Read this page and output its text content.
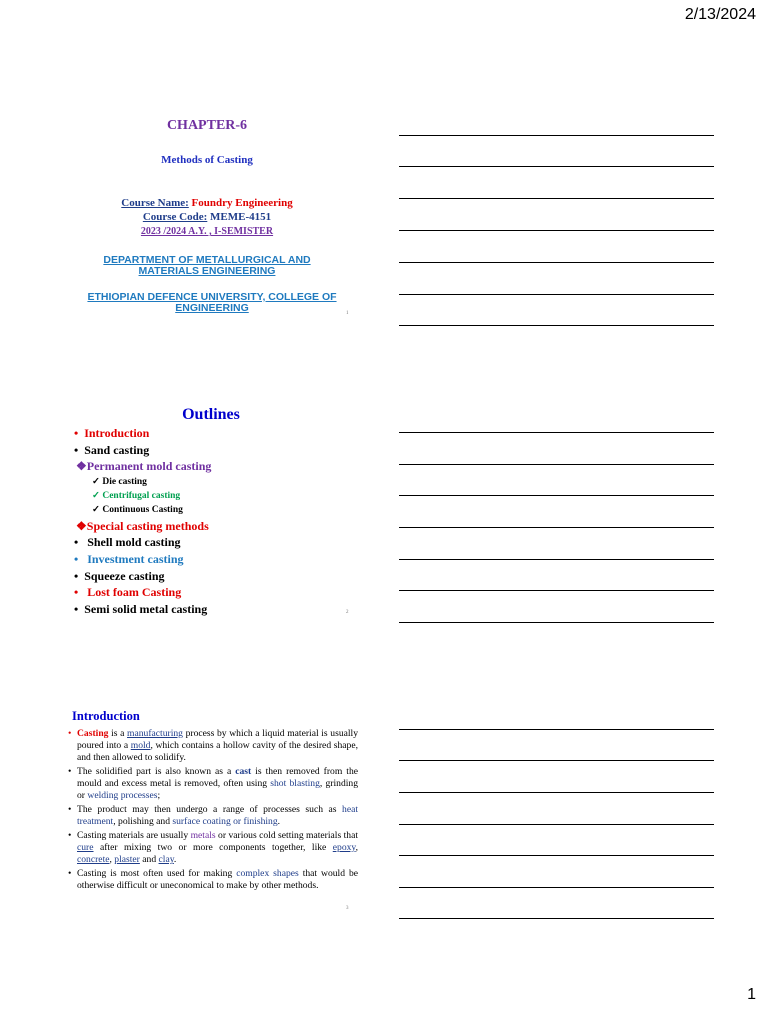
2/13/2024
1
CHAPTER-6
Methods of Casting
Course Name: Foundry Engineering
Course Code: MEME-4151
2023 /2024 A.Y. , I-SEMISTER
DEPARTMENT OF METALLURGICAL AND MATERIALS ENGINEERING
ETHIOPIAN DEFENCE UNIVERSITY, COLLEGE OF ENGINEERING	1
Outlines
•  Introduction
•  Sand casting
❖Permanent mold casting
✓ Die casting
✓ Centrifugal casting
✓ Continuous Casting
❖Special casting methods
•   Shell mold casting
•   Investment casting
•  Squeeze casting
•   Lost foam Casting
•  Semi solid metal casting	2
Introduction

• Casting is a manufacturing process by which a liquid material is usually poured into a mold, which contains a hollow cavity of the desired shape, and then allowed to solidify.

• The solidified part is also known as a cast is then removed from the mould and excess metal is removed, often using shot blasting, grinding or welding processes;

• The product may then undergo a range of processes such as heat treatment, polishing and surface coating or finishing.

• Casting materials are usually metals or various cold setting materials that cure after mixing two or more components together, like epoxy, concrete, plaster and clay.

• Casting is most often used for making complex shapes that would be otherwise difficult or uneconomical to make by other methods.

3
